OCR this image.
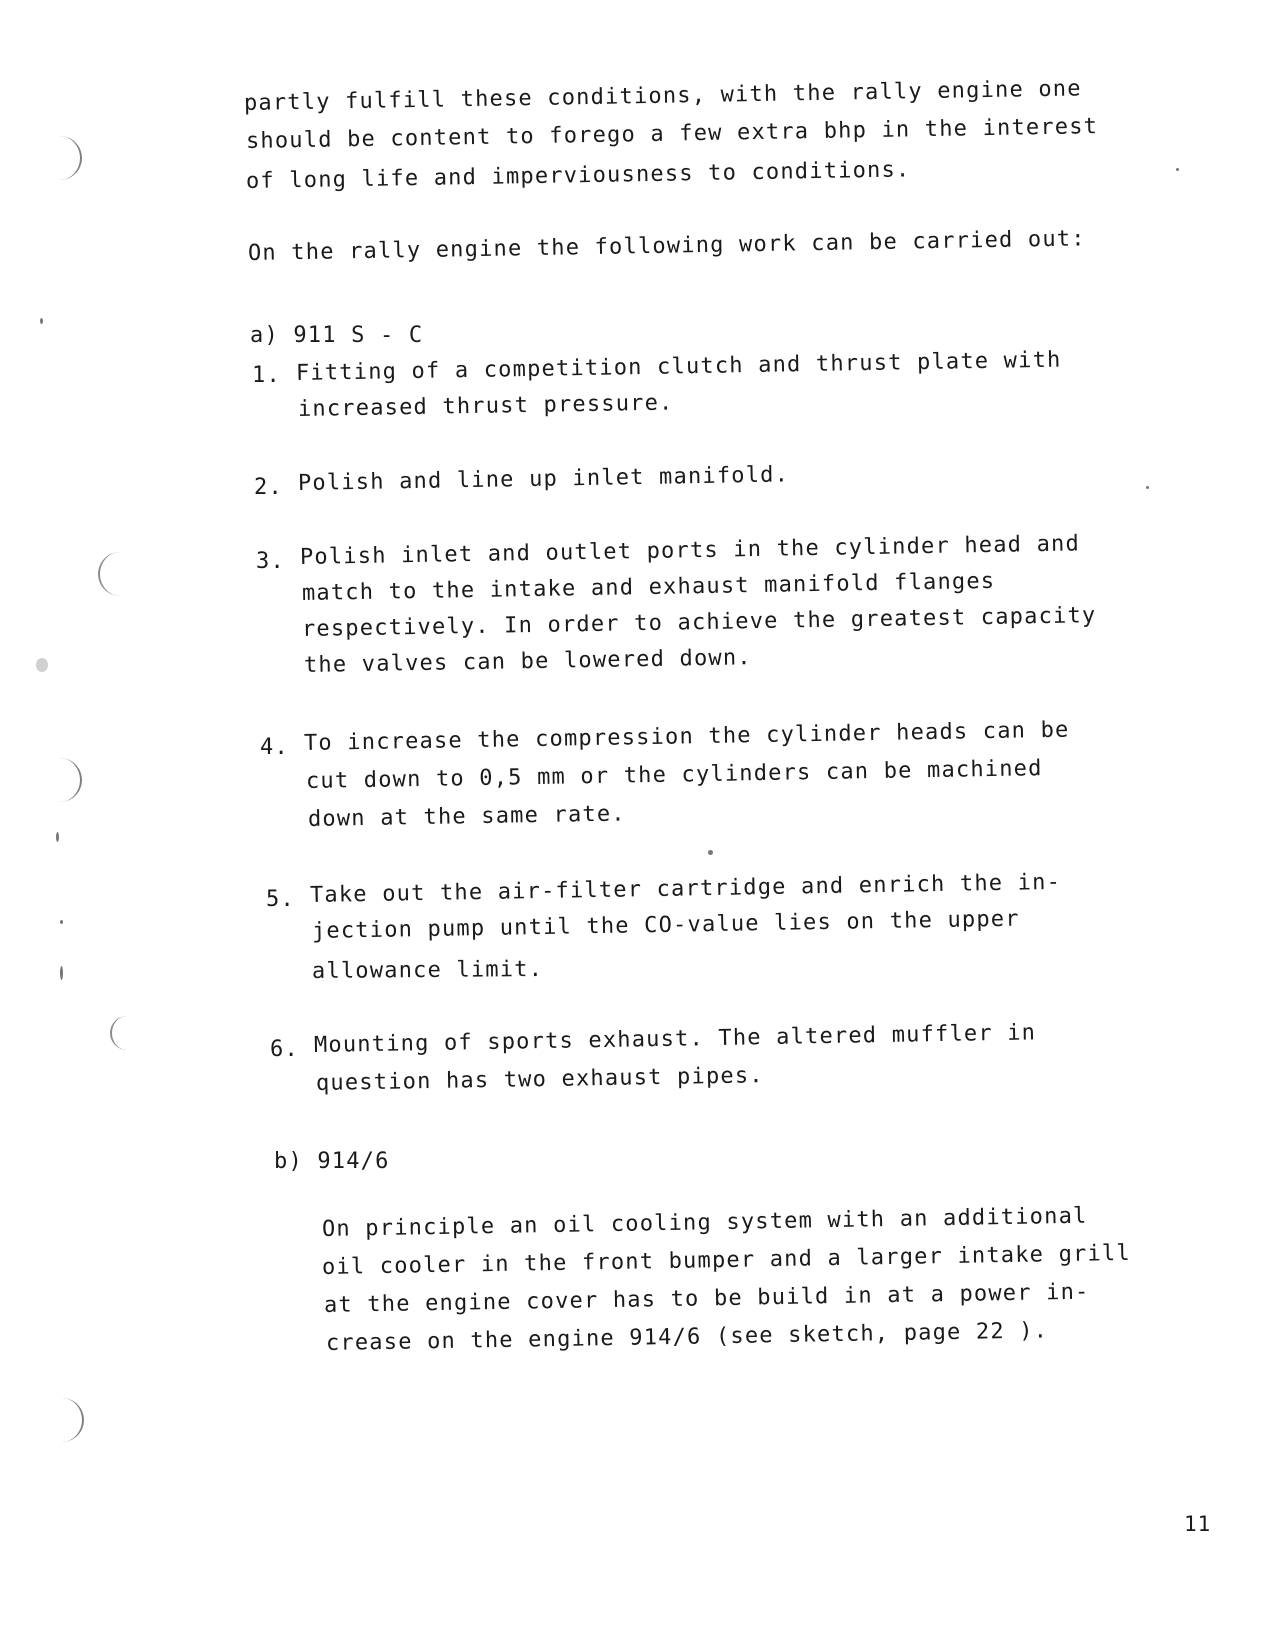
partly fulfill these conditions, with the rally engine one
should be content to forego a few extra bhp in the interest
of long life and imperviousness to conditions.
On the rally engine the following work can be carried out:
a) 911 S - C
1. Fitting of a competition clutch and thrust plate with
increased thrust pressure.
2. Polish and line up inlet manifold.
3. Polish inlet and outlet ports in the cylinder head and
match to the intake and exhaust manifold flanges
respectively. In order to achieve the greatest capacity
the valves can be lowered down.
4. To increase the compression the cylinder heads can be
cut down to 0,5 mm or the cylinders can be machined
down at the same rate.
5. Take out the air-filter cartridge and enrich the in-
jection pump until the CO-value lies on the upper
allowance limit.
6. Mounting of sports exhaust. The altered muffler in
question has two exhaust pipes.
b) 914/6
On principle an oil cooling system with an additional
oil cooler in the front bumper and a larger intake grill
at the engine cover has to be build in at a power in-
crease on the engine 914/6 (see sketch, page 22 ).
11
